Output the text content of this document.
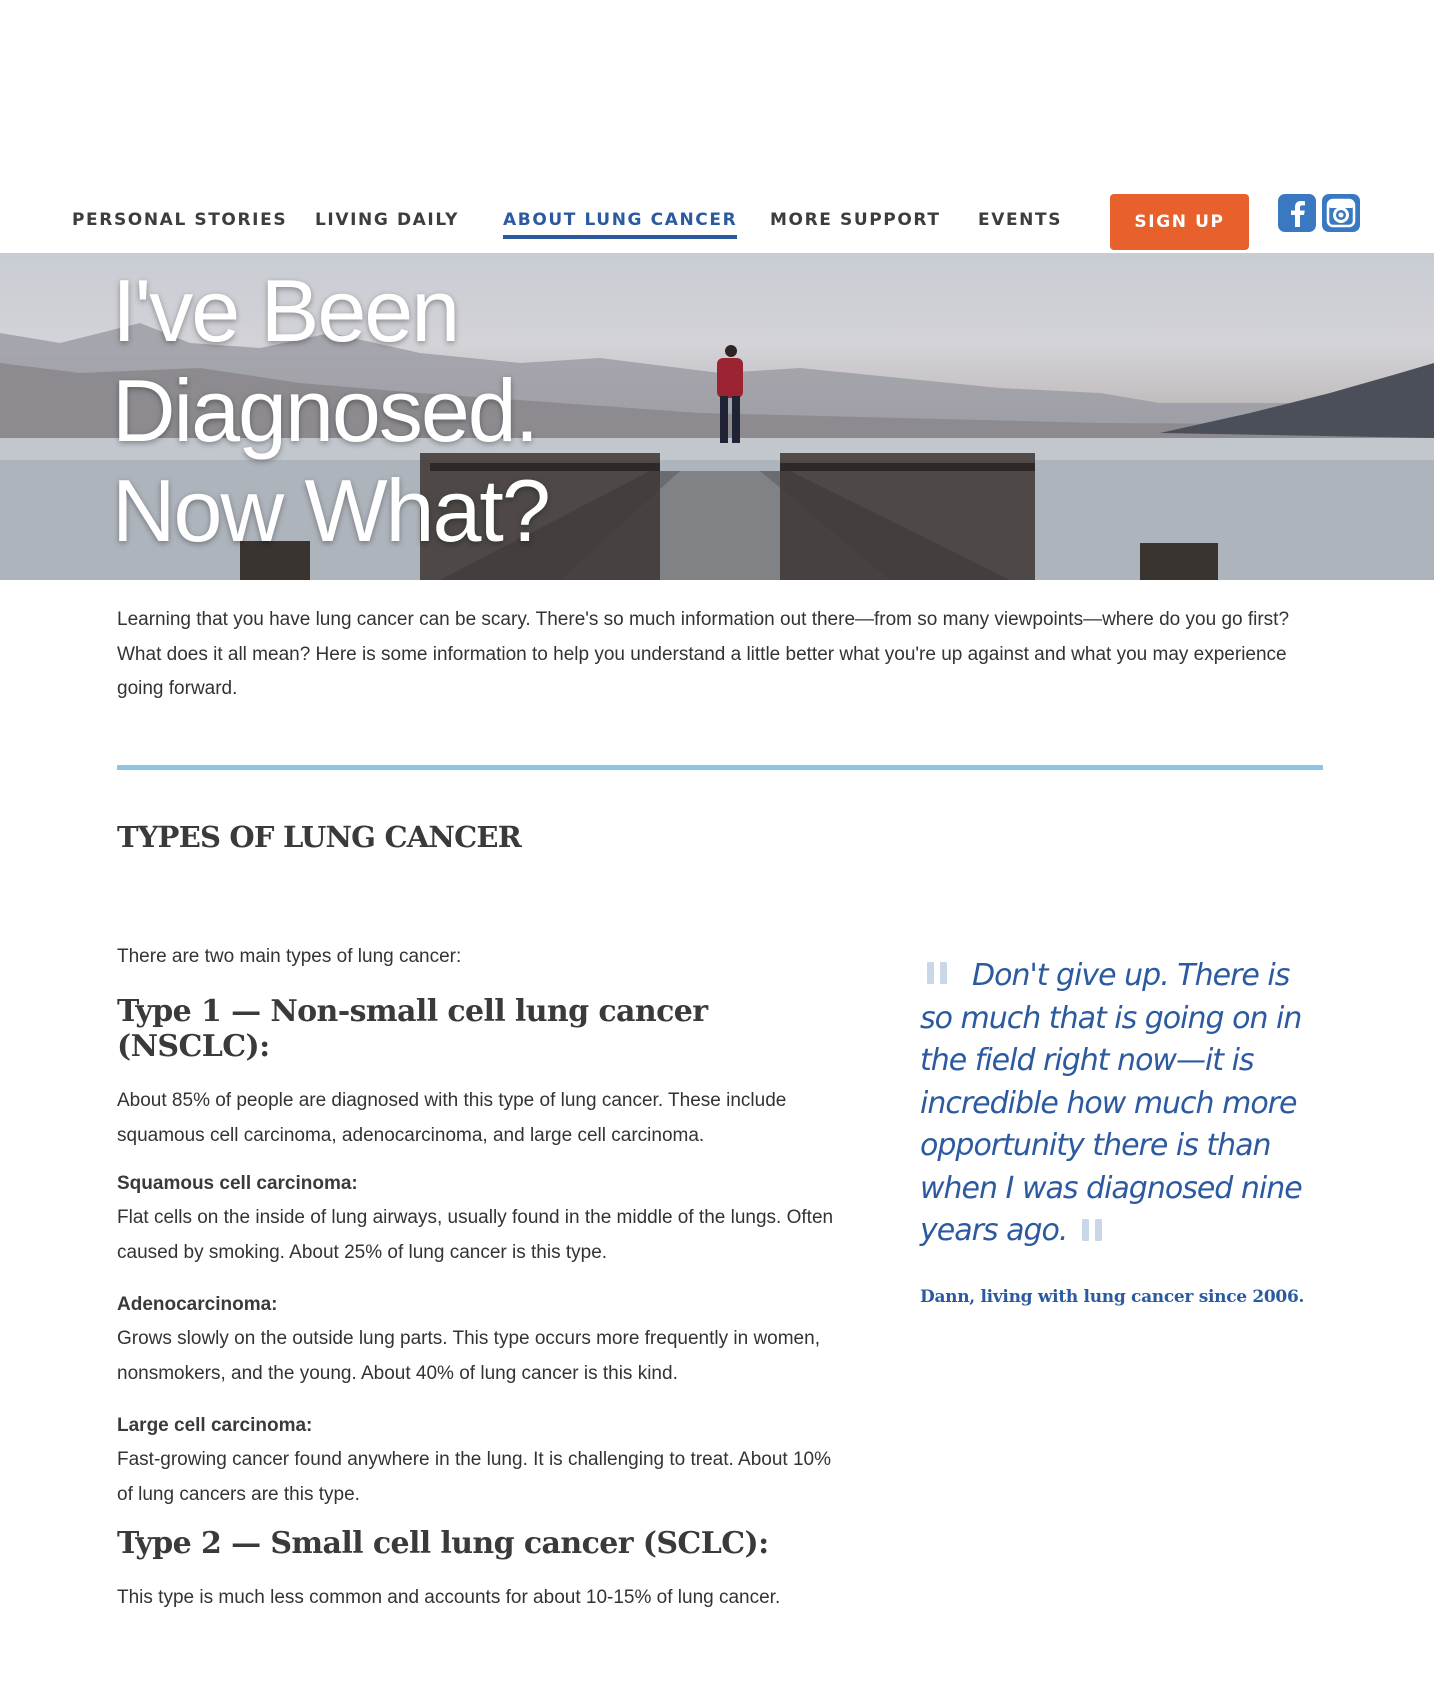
PERSONAL STORIES LIVING DAILY	ABOUT LUNG CANCER MORE SUPPORT EVENTS	SIGN UP
I've Been
Diagnosed.
Now What?

Learning that you have lung cancer can be scary. There's so much information out there—from so many viewpoints—where do you go first? What does it all mean? Here is some information to help you understand a little better what you're up against and what you may experience going forward.

TYPES OF LUNG CANCER

There are two main types of lung cancer:

Type 1 — Non-small cell lung cancer (NSCLC):

About 85% of people are diagnosed with this type of lung cancer. These include squamous cell carcinoma, adenocarcinoma, and large cell carcinoma.

Squamous cell carcinoma:

Flat cells on the inside of lung airways, usually found in the middle of the lungs. Often caused by smoking. About 25% of lung cancer is this type.

Adenocarcinoma:

Grows slowly on the outside lung parts. This type occurs more frequently in women, nonsmokers, and the young. About 40% of lung cancer is this kind.

Large cell carcinoma:

Fast-growing cancer found anywhere in the lung. It is challenging to treat. About 10% of lung cancers are this type.

Type 2 — Small cell lung cancer (SCLC):

This type is much less common and accounts for about 10-15% of lung cancer.

Don't give up. There is so much that is going on in the field right now—it is incredible how much more opportunity there is than when I was diagnosed nine years ago.
Dann, living with lung cancer since 2006.
